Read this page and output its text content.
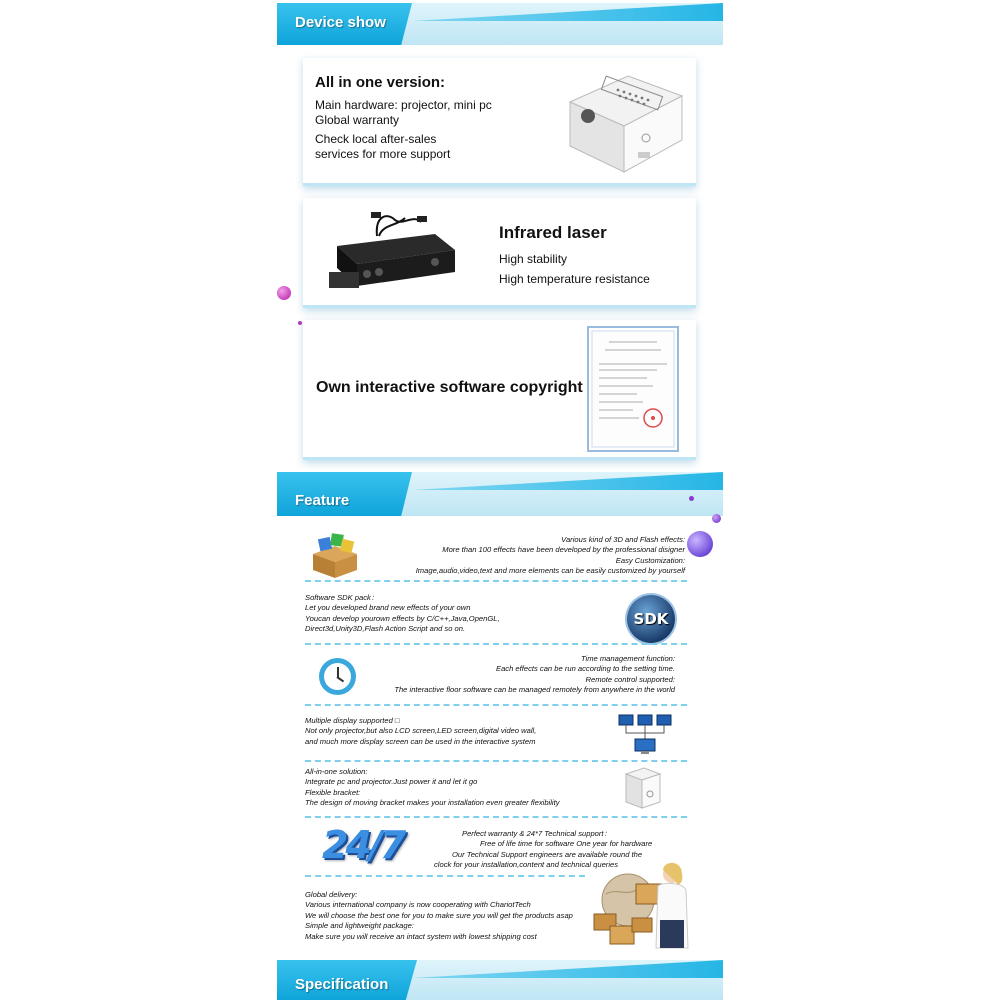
Device show
All in one version:
Main hardware: projector, mini pc
Global warranty
Check local after-sales
services for more support
Infrared laser
High stability
High temperature resistance
Own interactive software copyright
Feature
Various kind of 3D and Flash effects:
More than 100 effects have been developed by the professional disigner
Easy Customization:
Image,audio,video,text and more elements can be easily customized by yourself
Software SDK pack：
Let you developed brand new effects of your own
Youcan develop yourown effects by C/C++,Java,OpenGL,
Direct3d,Unity3D,Flash Action Script and so on.
SDK
Time management function:
Each effects can be run according to the setting time.
Remote control supported:
The interactive floor software can be managed remotely from anywhere in the world
Multiple display supported □
Not only projector,but also LCD screen,LED screen,digital video wall,
and much more display screen can be used in the interactive system
All-in-one solution:
Integrate pc and projector.Just power it and let it go
Flexible bracket:
The design of moving bracket makes your installation even greater flexibility
24/7	Perfect warranty & 24*7 Technical support：
Free of life time for software One year for hardware
Our Technical Support engineers are available round the
clock for your installation,content and technical queries
Global delivery:
Various international company is now cooperating with ChariotTech
We will choose the best one for you to make sure you will get the products asap
Simple and lightweight package:
Make sure you will receive an intact system with lowest shipping cost
Specification
